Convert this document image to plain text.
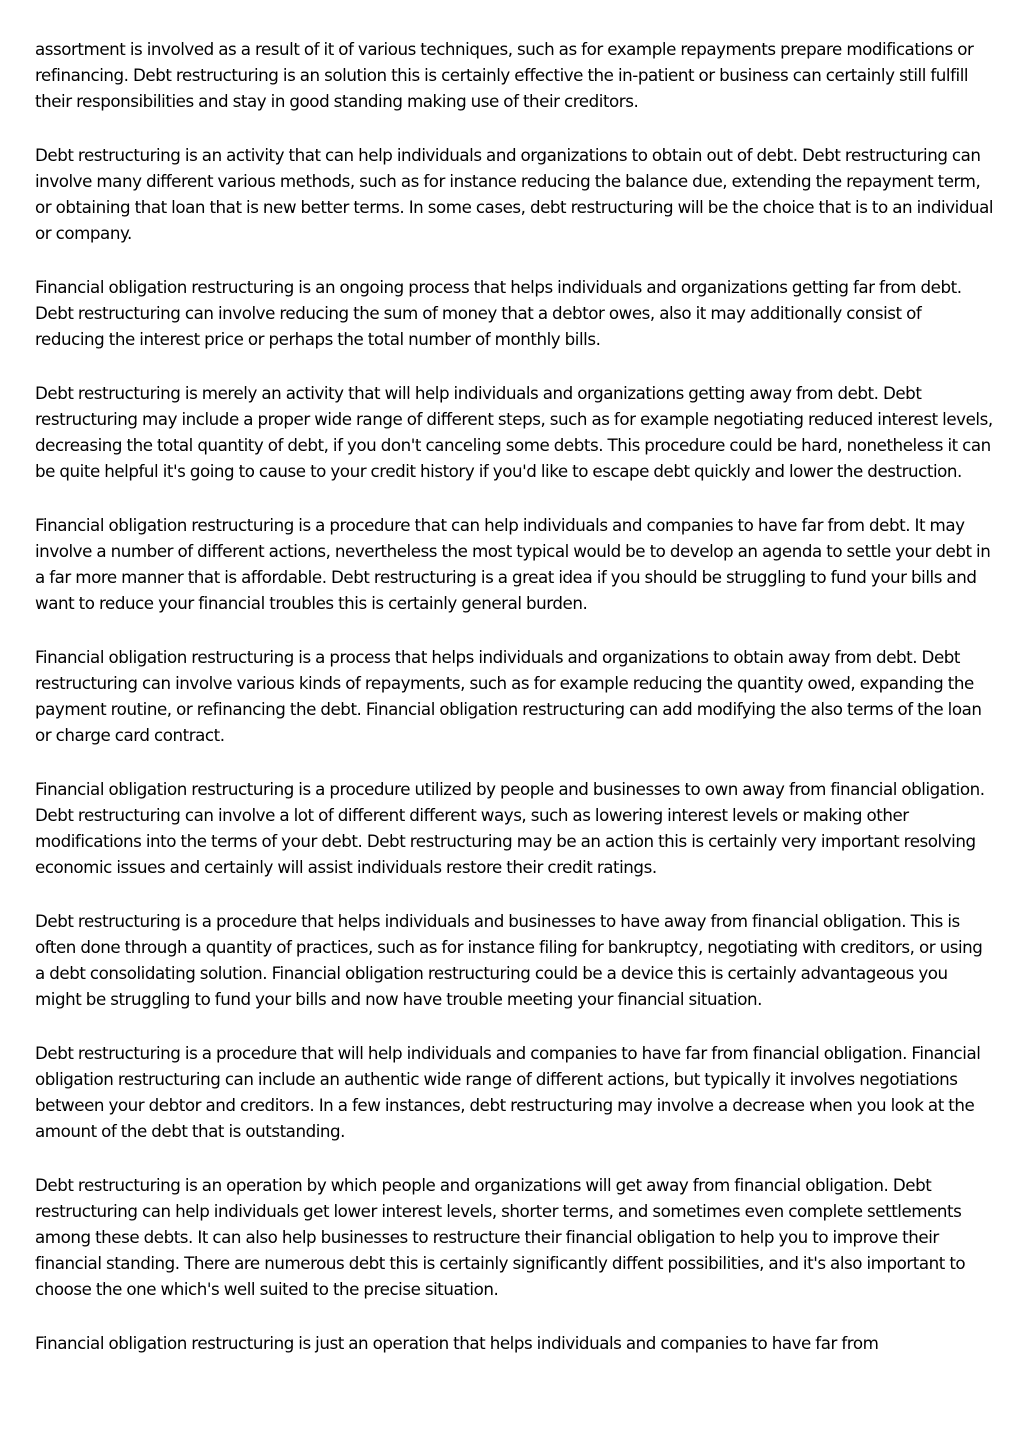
assortment is involved as a result of it of various techniques, such as for example repayments prepare modifications or refinancing. Debt restructuring is an solution this is certainly effective the in-patient or business can certainly still fulfill their responsibilities and stay in good standing making use of their creditors.

Debt restructuring is an activity that can help individuals and organizations to obtain out of debt. Debt restructuring can involve many different various methods, such as for instance reducing the balance due, extending the repayment term, or obtaining that loan that is new better terms. In some cases, debt restructuring will be the choice that is to an individual or company.

Financial obligation restructuring is an ongoing process that helps individuals and organizations getting far from debt. Debt restructuring can involve reducing the sum of money that a debtor owes, also it may additionally consist of reducing the interest price or perhaps the total number of monthly bills.

Debt restructuring is merely an activity that will help individuals and organizations getting away from debt. Debt restructuring may include a proper wide range of different steps, such as for example negotiating reduced interest levels, decreasing the total quantity of debt, if you don't canceling some debts. This procedure could be hard, nonetheless it can be quite helpful it's going to cause to your credit history if you'd like to escape debt quickly and lower the destruction.

Financial obligation restructuring is a procedure that can help individuals and companies to have far from debt. It may involve a number of different actions, nevertheless the most typical would be to develop an agenda to settle your debt in a far more manner that is affordable. Debt restructuring is a great idea if you should be struggling to fund your bills and want to reduce your financial troubles this is certainly general burden.

Financial obligation restructuring is a process that helps individuals and organizations to obtain away from debt. Debt restructuring can involve various kinds of repayments, such as for example reducing the quantity owed, expanding the payment routine, or refinancing the debt. Financial obligation restructuring can add modifying the also terms of the loan or charge card contract.

Financial obligation restructuring is a procedure utilized by people and businesses to own away from financial obligation. Debt restructuring can involve a lot of different different ways, such as lowering interest levels or making other modifications into the terms of your debt. Debt restructuring may be an action this is certainly very important resolving economic issues and certainly will assist individuals restore their credit ratings.

Debt restructuring is a procedure that helps individuals and businesses to have away from financial obligation. This is often done through a quantity of practices, such as for instance filing for bankruptcy, negotiating with creditors, or using a debt consolidating solution. Financial obligation restructuring could be a device this is certainly advantageous you might be struggling to fund your bills and now have trouble meeting your financial situation.

Debt restructuring is a procedure that will help individuals and companies to have far from financial obligation. Financial obligation restructuring can include an authentic wide range of different actions, but typically it involves negotiations between your debtor and creditors. In a few instances, debt restructuring may involve a decrease when you look at the amount of the debt that is outstanding.

Debt restructuring is an operation by which people and organizations will get away from financial obligation. Debt restructuring can help individuals get lower interest levels, shorter terms, and sometimes even complete settlements among these debts. It can also help businesses to restructure their financial obligation to help you to improve their financial standing. There are numerous debt this is certainly significantly diffent possibilities, and it's also important to choose the one which's well suited to the precise situation.

Financial obligation restructuring is just an operation that helps individuals and companies to have far from
